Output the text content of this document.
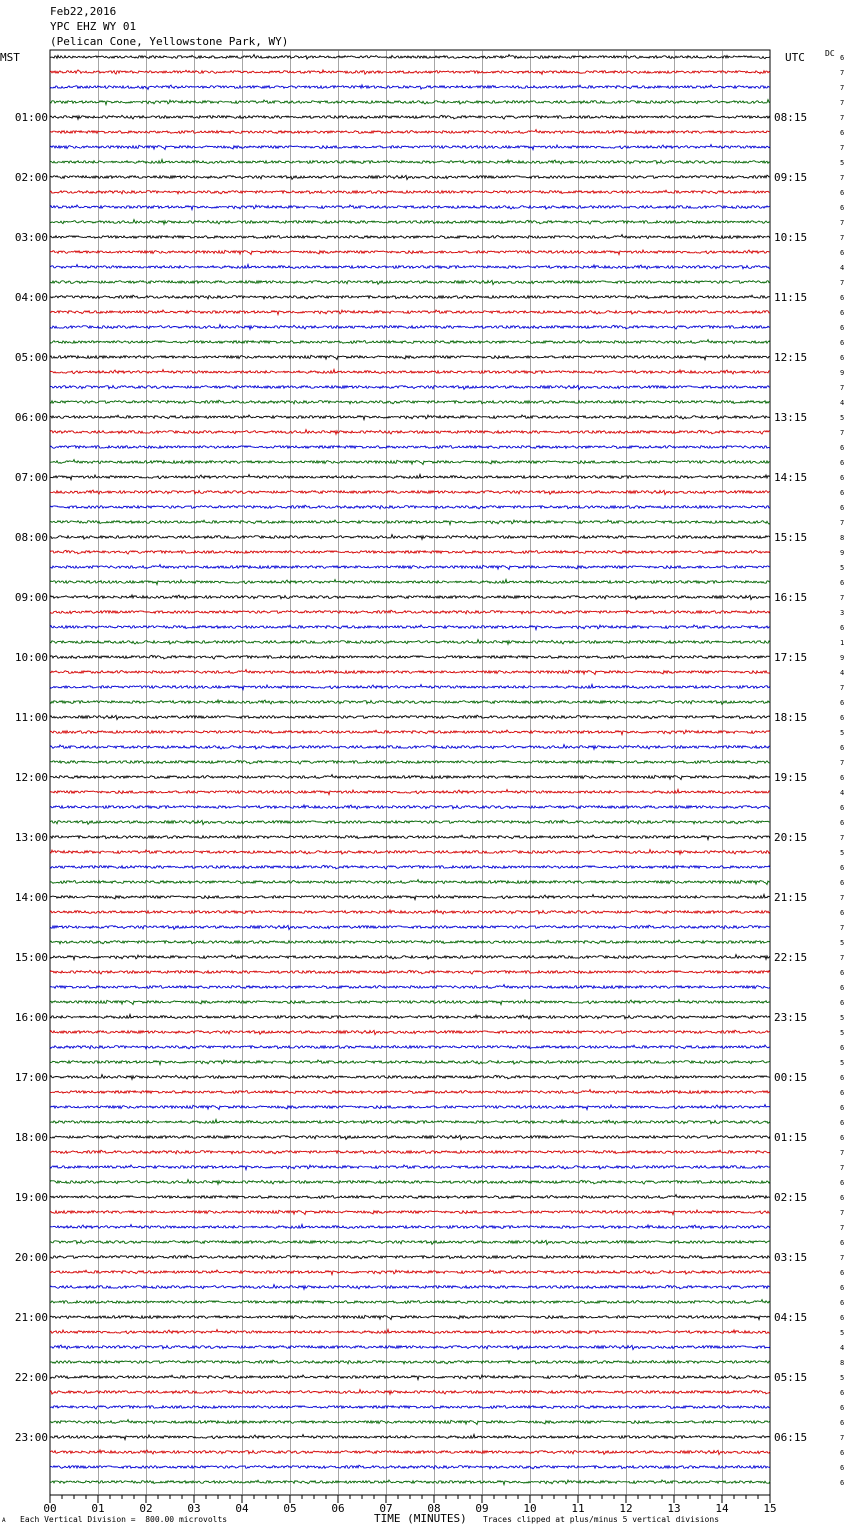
Feb22,2016
YPC EHZ WY 01
(Pelican Cone, Yellowstone Park, WY)
MST	UTC	DC 6
7
7
7
7
6
7
5
7
6
6
7
7
6
4
7
6
6
6
6
6
9
7
4
5
7
6
6
6
6
6
7
8
9
5
6
7
3
6
1
9
4
7
6
6
5
6
7
6
4
6
6
7
5
6
6
7
6
7
5
7
6
6
6
5
5
6
5
6
6
6
6
6
7
7
6
6
7
7
6
7
6
6
6
6
5
4
8
5
6
6
6
7
6
6
6
01:00
02:00
03:00
04:00
05:00
06:00
07:00
08:00
09:00
10:00
11:00
12:00
13:00
14:00
15:00
16:00
17:00
18:00
19:00
20:00
21:00
22:00
23:00
08:15
09:15
10:15
11:15
12:15
13:15
14:15
15:15
16:15
17:15
18:15
19:15
20:15
21:15
22:15
23:15
00:15
01:15
02:15
03:15
04:15
05:15
06:15
00	01	02	03	04	05	06	07	08	09	10	11	12	13	14	15
A Each Vertical Division =  800.00 microvolts	TIME (MINUTES) Traces clipped at plus/minus 5 vertical divisions
